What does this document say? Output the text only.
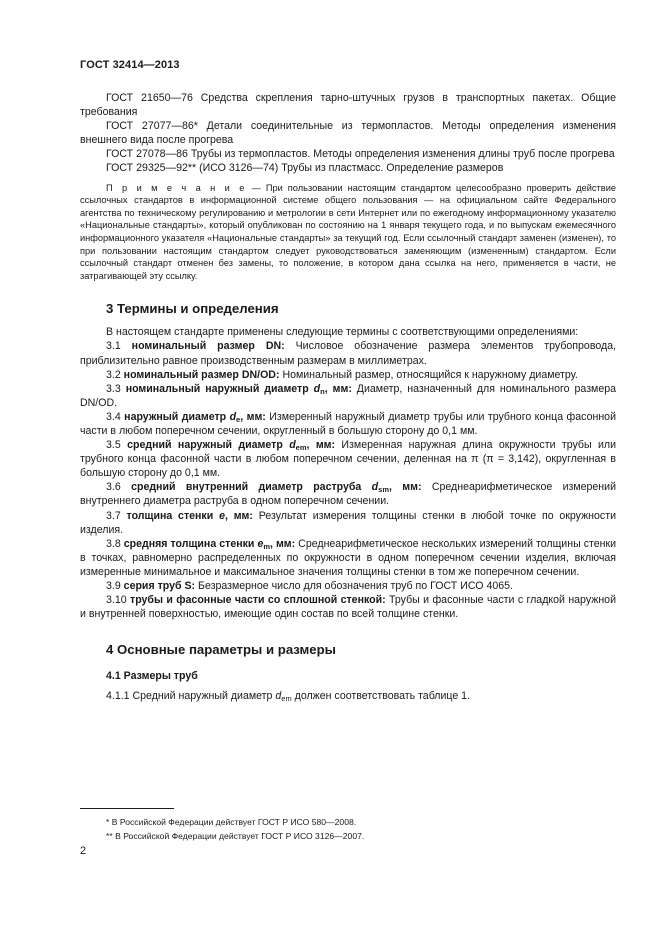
ГОСТ 32414—2013

ГОСТ 21650—76 Средства скрепления тарно-штучных грузов в транспортных пакетах. Общие требования

ГОСТ 27077—86* Детали соединительные из термопластов. Методы определения изменения внешнего вида после прогрева

ГОСТ 27078—86 Трубы из термопластов. Методы определения изменения длины труб после прогрева

ГОСТ 29325—92** (ИСО 3126—74) Трубы из пластмасс. Определение размеров

П р и м е ч а н и е — При пользовании настоящим стандартом целесообразно проверить действие ссылочных стандартов в информационной системе общего пользования — на официальном сайте Федерального агентства по техническому регулированию и метрологии в сети Интернет или по ежегодному информационному указателю «Национальные стандарты», который опубликован по состоянию на 1 января текущего года, и по выпускам ежемесячного информационного указателя «Национальные стандарты» за текущий год. Если ссылочный стандарт заменен (изменен), то при пользовании настоящим стандартом следует руководствоваться заменяющим (измененным) стандартом. Если ссылочный стандарт отменен без замены, то положение, в котором дана ссылка на него, применяется в части, не затрагивающей эту ссылку.

3 Термины и определения

В настоящем стандарте применены следующие термины с соответствующими определениями:

3.1 номинальный размер DN: Числовое обозначение размера элементов трубопровода, приблизительно равное производственным размерам в миллиметрах.

3.2 номинальный размер DN/OD: Номинальный размер, относящийся к наружному диаметру.

3.3 номинальный наружный диаметр $d_n$, мм: Диаметр, назначенный для номинального размера DN/OD.

3.4 наружный диаметр $d_e$, мм: Измеренный наружный диаметр трубы или трубного конца фасонной части в любом поперечном сечении, округленный в большую сторону до 0,1 мм.

3.5 средний наружный диаметр $d_{em}$, мм: Измеренная наружная длина окружности трубы или трубного конца фасонной части в любом поперечном сечении, деленная на π (π = 3,142), округленная в большую сторону до 0,1 мм.

3.6 средний внутренний диаметр раструба $d_{sm}$, мм: Среднеарифметическое измерений внутреннего диаметра раструба в одном поперечном сечении.

3.7 толщина стенки e, мм: Результат измерения толщины стенки в любой точке по окружности изделия.

3.8 средняя толщина стенки $e_m$, мм: Среднеарифметическое нескольких измерений толщины стенки в точках, равномерно распределенных по окружности в одном поперечном сечении изделия, включая измеренные минимальное и максимальное значения толщины стенки в том же поперечном сечении.

3.9 серия труб S: Безразмерное число для обозначения труб по ГОСТ ИСО 4065.

3.10 трубы и фасонные части со сплошной стенкой: Трубы и фасонные части с гладкой наружной и внутренней поверхностью, имеющие один состав по всей толщине стенки.

4 Основные параметры и размеры
4.1 Размеры труб

4.1.1 Средний наружный диаметр $d_{em}$ должен соответствовать таблице 1.

* В Российской Федерации действует ГОСТ Р ИСО 580—2008.

** В Российской Федерации действует ГОСТ Р ИСО 3126—2007.

2
